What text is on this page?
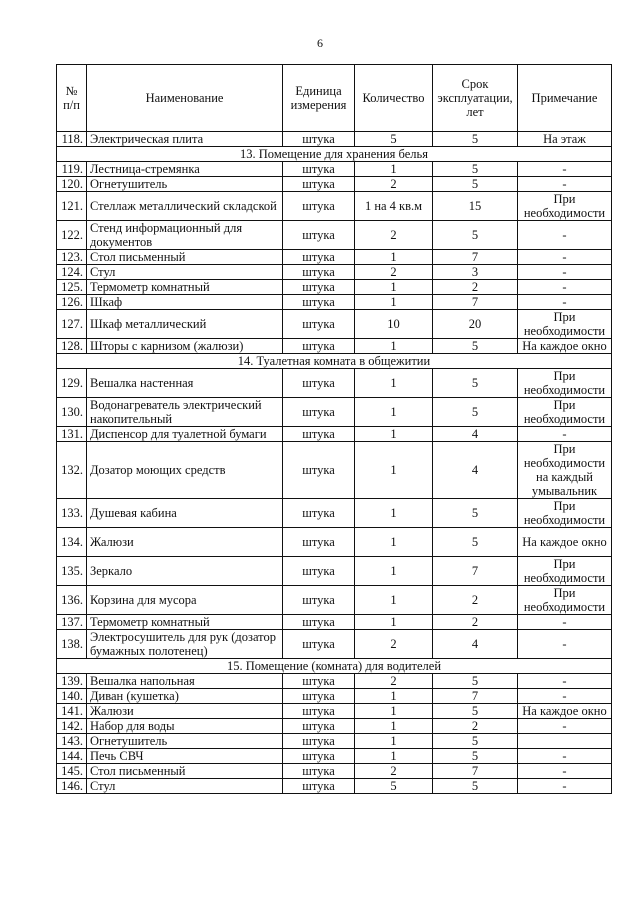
6
№ п/п	Наименование	Единица измерения	Количество	Срок эксплуатации, лет	Примечание
118.	Электрическая плита	штука	5	5	На этаж
13. Помещение для хранения белья					
119.	Лестница-стремянка	штука	1	5	-
120.	Огнетушитель	штука	2	5	-
121.	Стеллаж металлический складской	штука	1 на 4 кв.м	15	При необходимости
122.	Стенд информационный для документов	штука	2	5	-
123.	Стол письменный	штука	1	7	-
124.	Стул	штука	2	3	-
125.	Термометр комнатный	штука	1	2	-
126.	Шкаф	штука	1	7	-
127.	Шкаф металлический	штука	10	20	При необходимости
128.	Шторы с карнизом (жалюзи)	штука	1	5	На каждое окно
14. Туалетная комната в общежитии					
129.	Вешалка настенная	штука	1	5	При необходимости
130.	Водонагреватель электрический накопительный	штука	1	5	При необходимости
131.	Диспенсор для туалетной бумаги	штука	1	4	-
132.	Дозатор моющих средств	штука	1	4	При необходимости на каждый умывальник
133.	Душевая кабина	штука	1	5	При необходимости
134.	Жалюзи	штука	1	5	На каждое окно
135.	Зеркало	штука	1	7	При необходимости
136.	Корзина для мусора	штука	1	2	При необходимости
137.	Термометр комнатный	штука	1	2	-
138.	Электросушитель для рук (дозатор бумажных полотенец)	штука	2	4	-
15. Помещение (комната) для водителей					
139.	Вешалка напольная	штука	2	5	-
140.	Диван (кушетка)	штука	1	7	-
141.	Жалюзи	штука	1	5	На каждое окно
142.	Набор для воды	штука	1	2	-
143.	Огнетушитель	штука	1	5	
144.	Печь СВЧ	штука	1	5	-
145.	Стол письменный	штука	2	7	-
146.	Стул	штука	5	5	-
